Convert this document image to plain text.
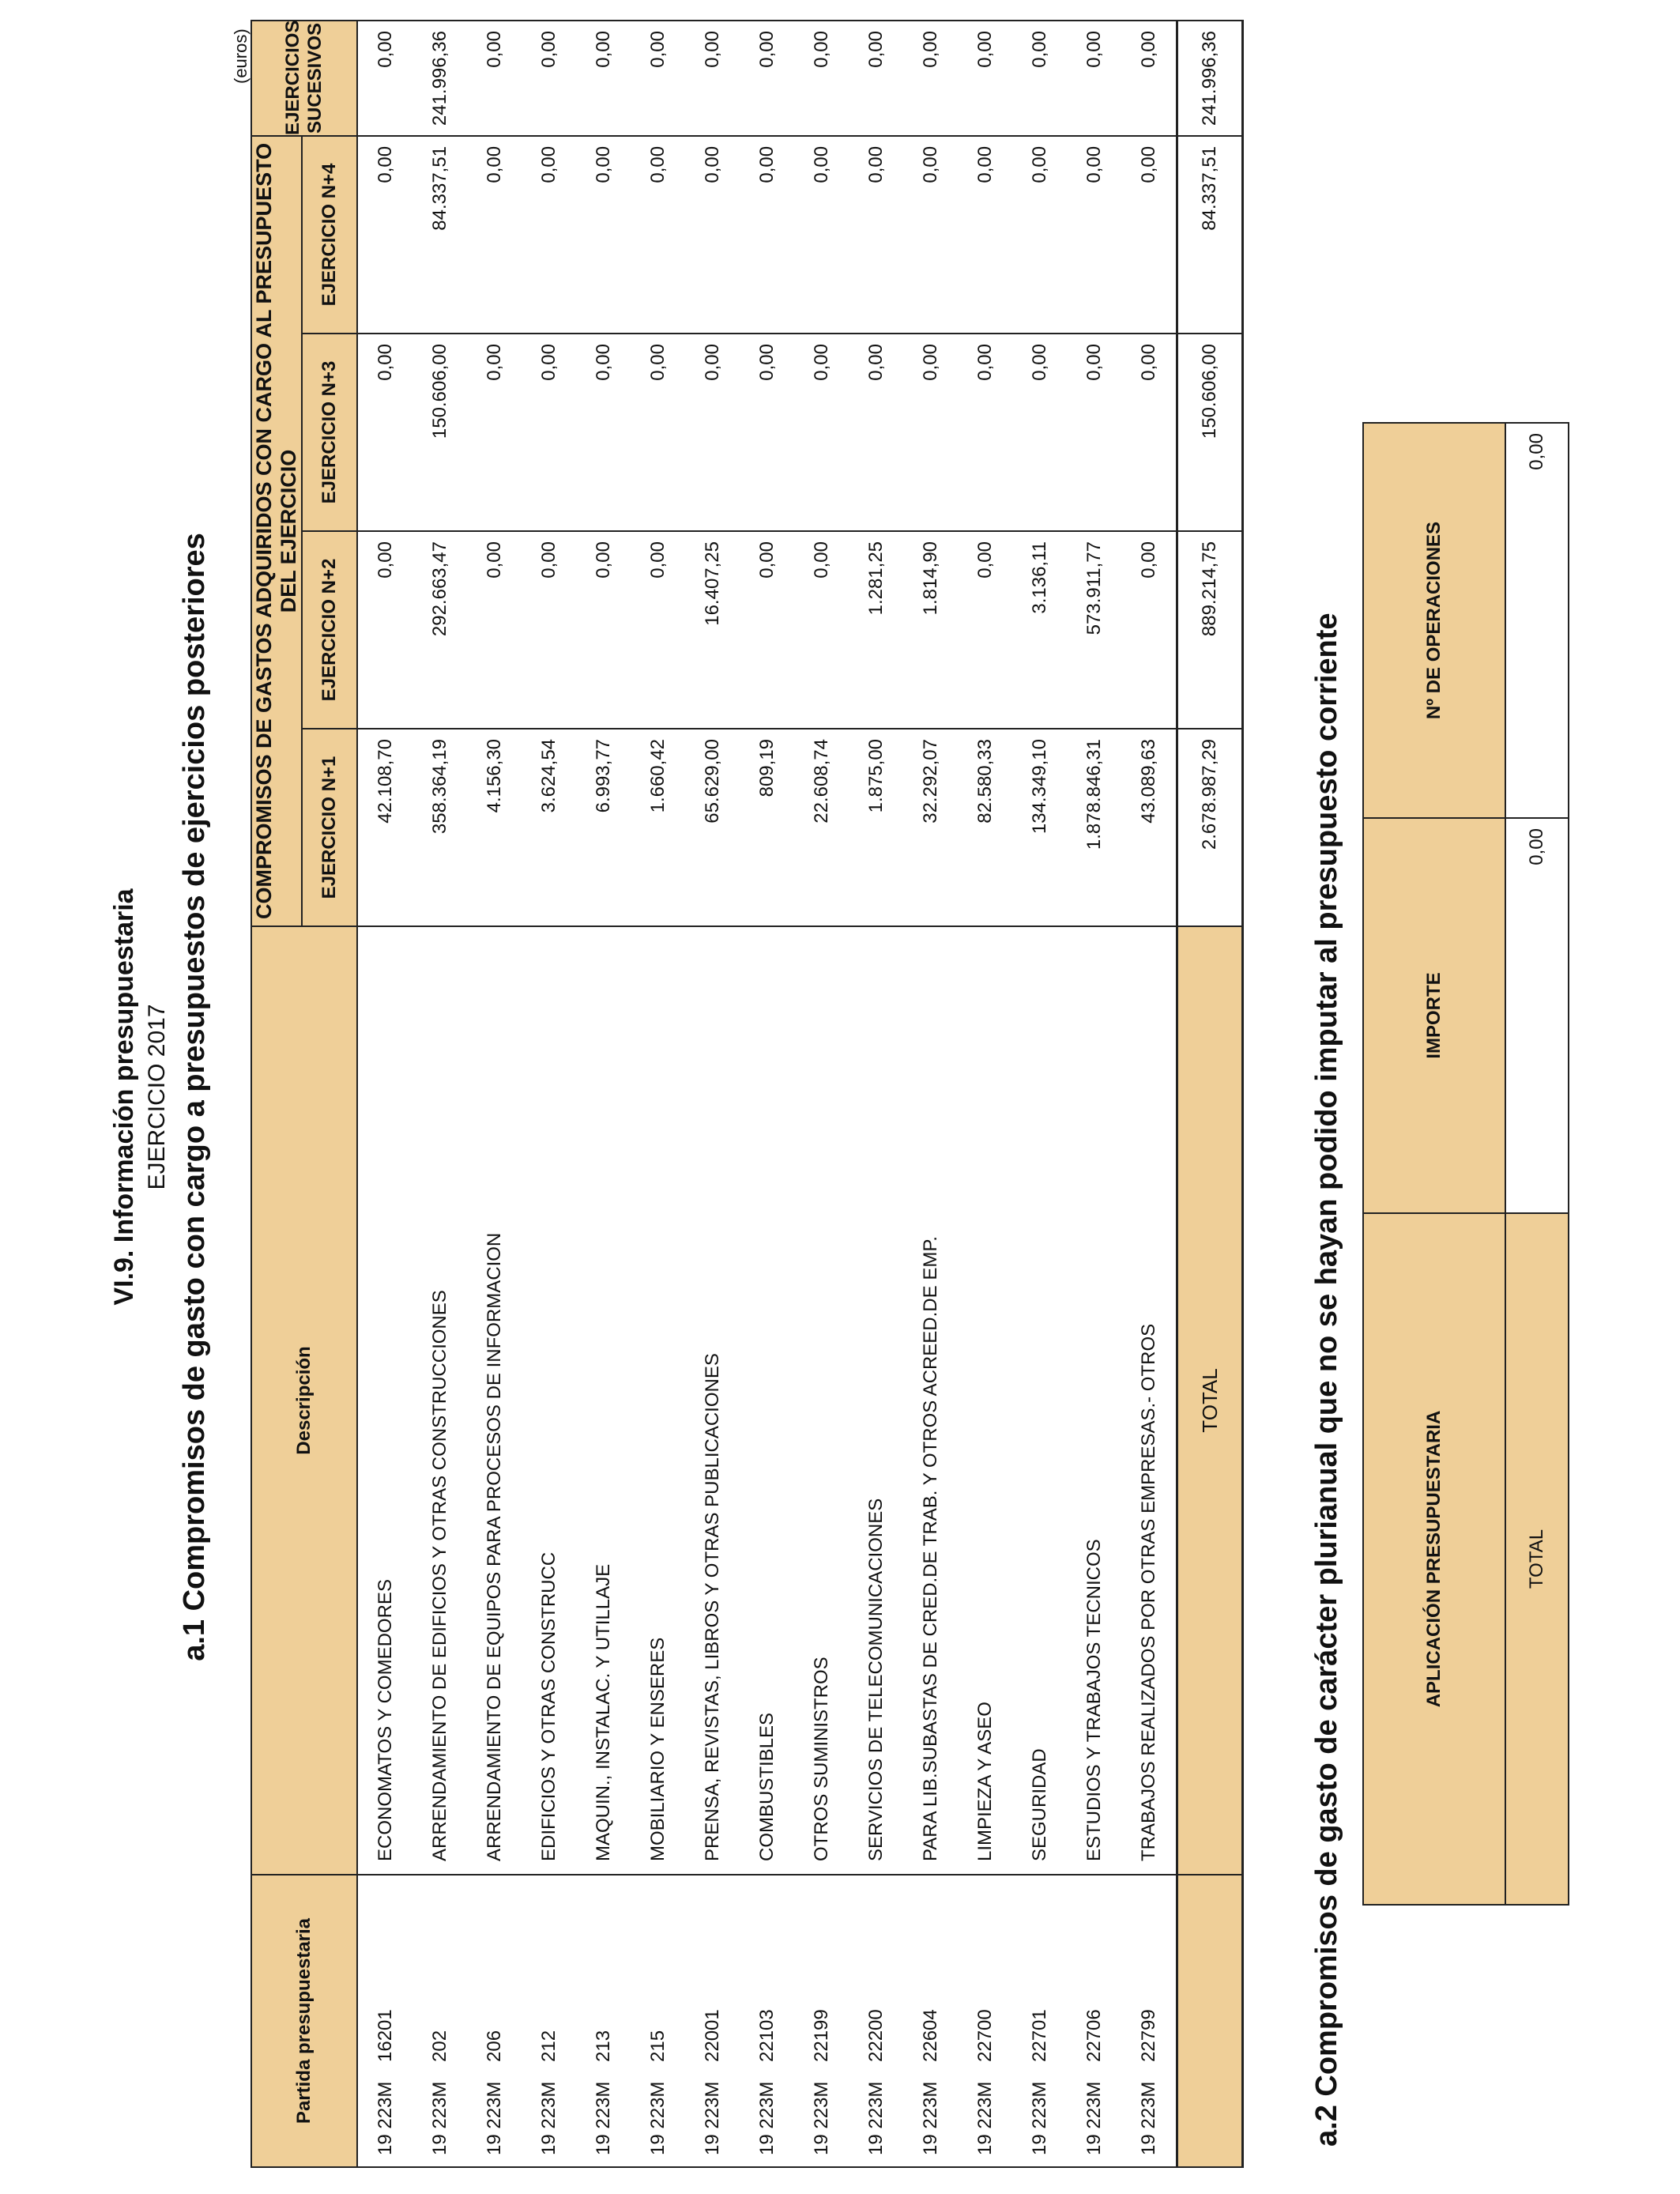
VI.9. Información presupuestaria EJERCICIO 2017 a.1 Compromisos de gasto con cargo a presupuestos de ejercicios posteriores
(euros)
Partida presupuestaria	Descripción	COMPROMISOS DE GASTOS ADQUIRIDOS CON CARGO AL PRESUPUESTO DEL EJERCICIO				EJERCICIOS SUCESIVOS

		EJERCICIO N+1	EJERCICIO N+2	EJERCICIO N+3	EJERCICIO N+4	
19 223M16201	ECONOMATOS Y COMEDORES	42.108,70	0,00	0,00	0,00	0,00
19 223M202	ARRENDAMIENTO DE EDIFICIOS Y OTRAS CONSTRUCCIONES	358.364,19	292.663,47	150.606,00	84.337,51	241.996,36
19 223M206	ARRENDAMIENTO DE EQUIPOS PARA PROCESOS DE INFORMACION	4.156,30	0,00	0,00	0,00	0,00
19 223M212	EDIFICIOS Y OTRAS CONSTRUCC	3.624,54	0,00	0,00	0,00	0,00
19 223M213	MAQUIN., INSTALAC. Y UTILLAJE	6.993,77	0,00	0,00	0,00	0,00
19 223M215	MOBILIARIO Y ENSERES	1.660,42	0,00	0,00	0,00	0,00
19 223M22001	PRENSA, REVISTAS, LIBROS Y OTRAS PUBLICACIONES	65.629,00	16.407,25	0,00	0,00	0,00
19 223M22103	COMBUSTIBLES	809,19	0,00	0,00	0,00	0,00
19 223M22199	OTROS SUMINISTROS	22.608,74	0,00	0,00	0,00	0,00
19 223M22200	SERVICIOS DE TELECOMUNICACIONES	1.875,00	1.281,25	0,00	0,00	0,00
19 223M22604	PARA LIB.SUBASTAS DE CRED.DE TRAB. Y OTROS ACREED.DE EMP.	32.292,07	1.814,90	0,00	0,00	0,00
19 223M22700	LIMPIEZA Y ASEO	82.580,33	0,00	0,00	0,00	0,00
19 223M22701	SEGURIDAD	134.349,10	3.136,11	0,00	0,00	0,00
19 223M22706	ESTUDIOS Y TRABAJOS TECNICOS	1.878.846,31	573.911,77	0,00	0,00	0,00
19 223M22799	TRABAJOS REALIZADOS POR OTRAS EMPRESAS.- OTROS	43.089,63	0,00	0,00	0,00	0,00
	TOTAL	2.678.987,29	889.214,75	150.606,00	84.337,51	241.996,36
a.2 Compromisos de gasto de carácter plurianual que no se hayan podido imputar al presupuesto corriente	APLICACIÓN PRESUPUESTARIA	IMPORTE	Nº DE OPERACIONES
TOTAL	0,00	0,00
